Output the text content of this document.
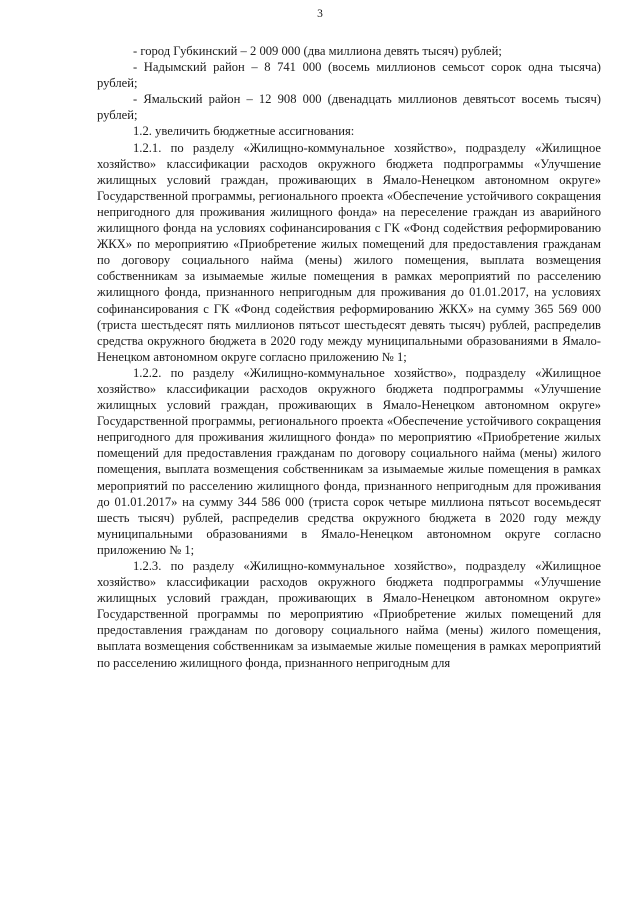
3

- город Губкинский – 2 009 000 (два миллиона девять тысяч) рублей;

- Надымский район – 8 741 000 (восемь миллионов семьсот сорок одна тысяча) рублей;

- Ямальский район – 12 908 000 (двенадцать миллионов девятьсот восемь тысяч) рублей;

1.2. увеличить бюджетные ассигнования:

1.2.1. по разделу «Жилищно-коммунальное хозяйство», подразделу «Жилищное хозяйство» классификации расходов окружного бюджета подпрограммы «Улучшение жилищных условий граждан, проживающих в Ямало-Ненецком автономном округе» Государственной программы, регионального проекта «Обеспечение устойчивого сокращения непригодного для проживания жилищного фонда» на переселение граждан из аварийного жилищного фонда на условиях софинансирования с ГК «Фонд содействия реформированию ЖКХ» по мероприятию «Приобретение жилых помещений для предоставления гражданам по договору социального найма (мены) жилого помещения, выплата возмещения собственникам за изымаемые жилые помещения в рамках мероприятий по расселению жилищного фонда, признанного непригодным для проживания до 01.01.2017, на условиях софинансирования с ГК «Фонд содействия реформированию ЖКХ» на сумму 365 569 000 (триста шестьдесят пять миллионов пятьсот шестьдесят девять тысяч) рублей, распределив средства окружного бюджета в 2020 году между муниципальными образованиями в Ямало-Ненецком автономном округе согласно приложению № 1;

1.2.2. по разделу «Жилищно-коммунальное хозяйство», подразделу «Жилищное хозяйство» классификации расходов окружного бюджета подпрограммы «Улучшение жилищных условий граждан, проживающих в Ямало-Ненецком автономном округе» Государственной программы, регионального проекта «Обеспечение устойчивого сокращения непригодного для проживания жилищного фонда» по мероприятию «Приобретение жилых помещений для предоставления гражданам по договору социального найма (мены) жилого помещения, выплата возмещения собственникам за изымаемые жилые помещения в рамках мероприятий по расселению жилищного фонда, признанного непригодным для проживания до 01.01.2017» на сумму 344 586 000 (триста сорок четыре миллиона пятьсот восемьдесят шесть тысяч) рублей, распределив средства окружного бюджета в 2020 году между муниципальными образованиями в Ямало-Ненецком автономном округе согласно приложению № 1;

1.2.3. по разделу «Жилищно-коммунальное хозяйство», подразделу «Жилищное хозяйство» классификации расходов окружного бюджета подпрограммы «Улучшение жилищных условий граждан, проживающих в Ямало-Ненецком автономном округе» Государственной программы по мероприятию «Приобретение жилых помещений для предоставления гражданам по договору социального найма (мены) жилого помещения, выплата возмещения собственникам за изымаемые жилые помещения в рамках мероприятий по расселению жилищного фонда, признанного непригодным для
